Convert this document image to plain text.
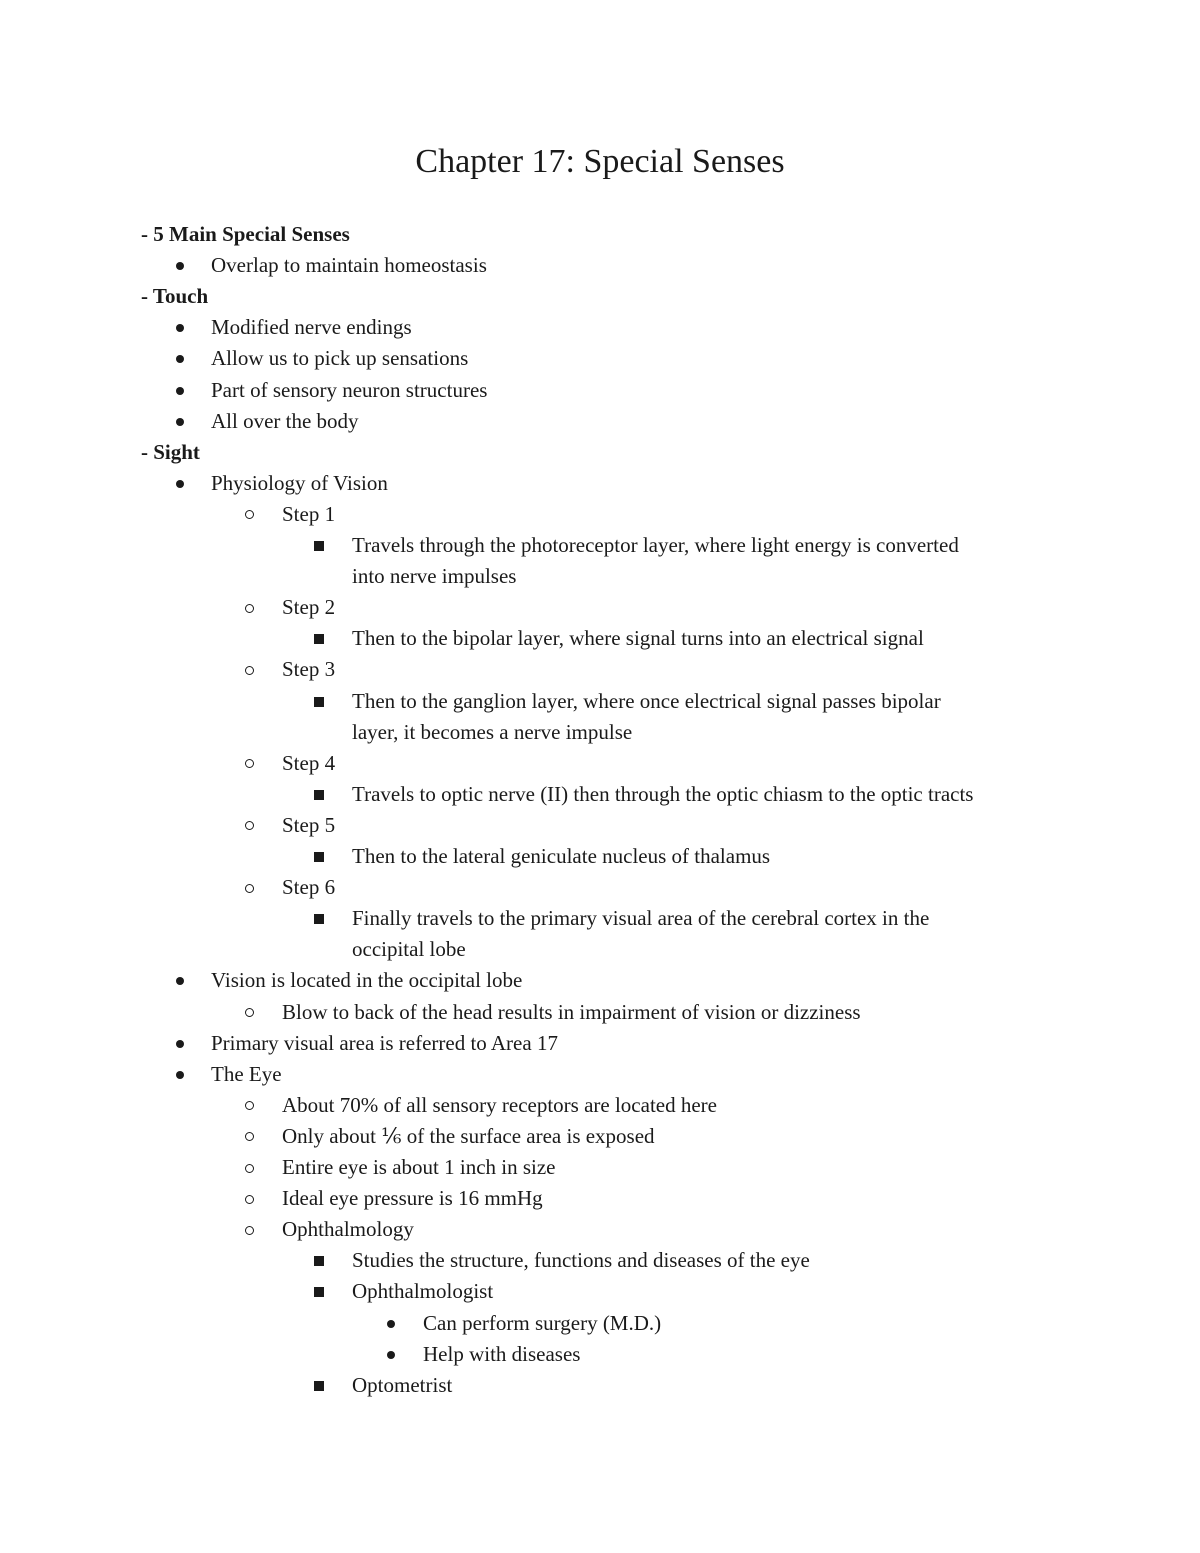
Chapter 17: Special Senses
- 5 Main Special Senses
Overlap to maintain homeostasis
- Touch
Modified nerve endings
Allow us to pick up sensations
Part of sensory neuron structures
All over the body
- Sight
Physiology of Vision
Step 1
Travels through the photoreceptor layer, where light energy is converted
into nerve impulses
Step 2
Then to the bipolar layer, where signal turns into an electrical signal
Step 3
Then to the ganglion layer, where once electrical signal passes bipolar
layer, it becomes a nerve impulse
Step 4
Travels to optic nerve (II) then through the optic chiasm to the optic tracts
Step 5
Then to the lateral geniculate nucleus of thalamus
Step 6
Finally travels to the primary visual area of the cerebral cortex in the
occipital lobe
Vision is located in the occipital lobe
Blow to back of the head results in impairment of vision or dizziness
Primary visual area is referred to Area 17
The Eye
About 70% of all sensory receptors are located here
Only about ⅙ of the surface area is exposed
Entire eye is about 1 inch in size
Ideal eye pressure is 16 mmHg
Ophthalmology
Studies the structure, functions and diseases of the eye
Ophthalmologist
Can perform surgery (M.D.)
Help with diseases
Optometrist
